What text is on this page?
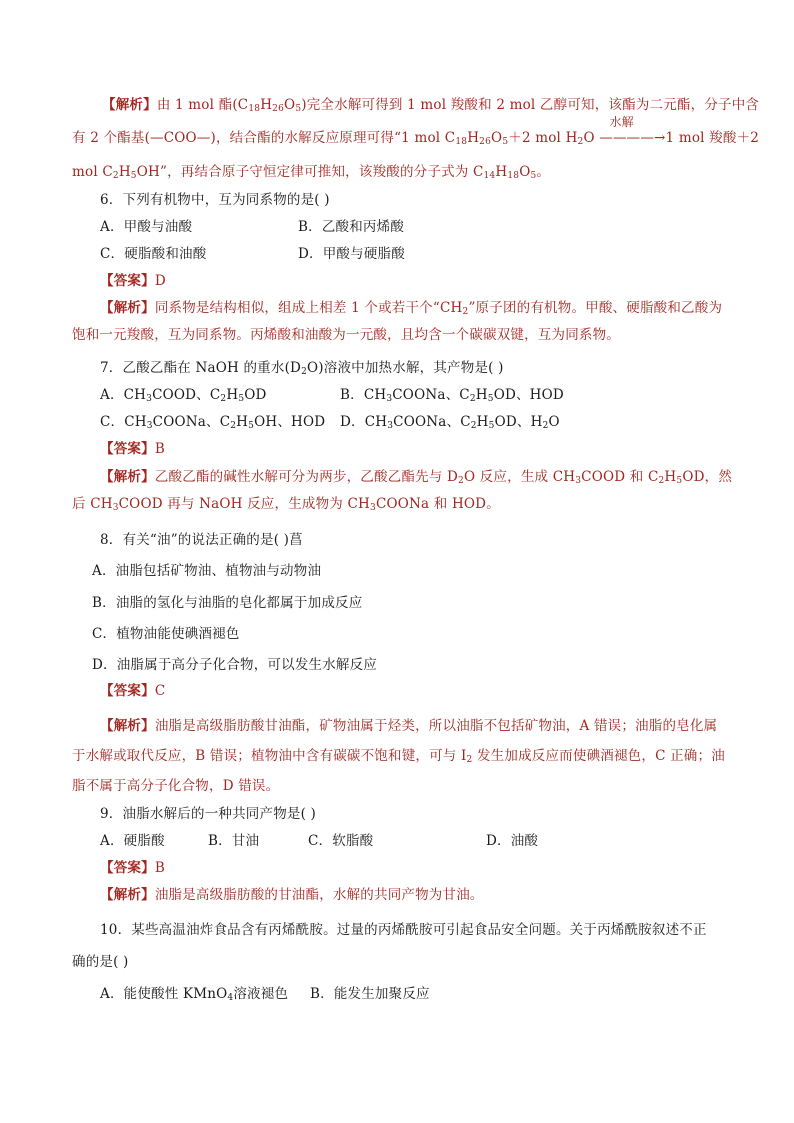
【解析】由 1 mol 酯$(C_{18}H_{26}O_5)$完全水解可得到 1 mol 羧酸和 2 mol 乙醇可知，该酯为二元酯，分子中含
有 2 个酯基(—COO—)，结合酯的水解反应原理可得“1 mol $C_{18}H_{26}O_5+2$ mol $H_2$
水解
O ————→1 mol 羧酸＋2
mol $C_2H_5OH$”，再结合原子守恒定律可推知，该羧酸的分子式为 $C_{14}H_{18}O_5$。
6．下列有机物中，互为同系物的是( )
A．甲酸与油酸	B．乙酸和丙烯酸
C．硬脂酸和油酸	D．甲酸与硬脂酸
【答案】D
【解析】同系物是结构相似，组成上相差 1 个或若干个“$CH_2$”原子团的有机物。甲酸、硬脂酸和乙酸为
饱和一元羧酸，互为同系物。丙烯酸和油酸为一元酸，且均含一个碳碳双键，互为同系物。
7．乙酸乙酯在 NaOH 的重水$(D_2O)$溶液中加热水解，其产物是( )
A．$CH_3COOD$、$C_2H_5OD$	B．$CH_3COONa$、$C_2H_5OD$、HOD
C．$CH_3COONa$、$C_2H_5OH$、HOD D．$CH_3COONa$、$C_2H_5OD$、$H_2O$
【答案】B
【解析】乙酸乙酯的碱性水解可分为两步，乙酸乙酯先与 $D_2O$ 反应，生成 $CH_3COOD$ 和 $C_2H_5OD$，然
后 $CH_3COOD$ 再与 NaOH 反应，生成物为 $CH_3COONa$ 和 HOD。
8．有关“油”的说法正确的是( )菖
A．油脂包括矿物油、植物油与动物油
B．油脂的氢化与油脂的皂化都属于加成反应
C．植物油能使碘酒褪色
D．油脂属于高分子化合物，可以发生水解反应
【答案】C
【解析】油脂是高级脂肪酸甘油酯，矿物油属于烃类，所以油脂不包括矿物油，A 错误；油脂的皂化属
于水解或取代反应，B 错误；植物油中含有碳碳不饱和键，可与 $I_2$ 发生加成反应而使碘酒褪色，C 正确；油
脂不属于高分子化合物，D 错误。
9．油脂水解后的一种共同产物是( )
A．硬脂酸	B．甘油	C．软脂酸	D．油酸
【答案】B
【解析】油脂是高级脂肪酸的甘油酯，水解的共同产物为甘油。
10．某些高温油炸食品含有丙烯酰胺。过量的丙烯酰胺可引起食品安全问题。关于丙烯酰胺叙述不正
确的是( )
A．能使酸性 KMnO$_4$溶液褪色 B．能发生加聚反应
